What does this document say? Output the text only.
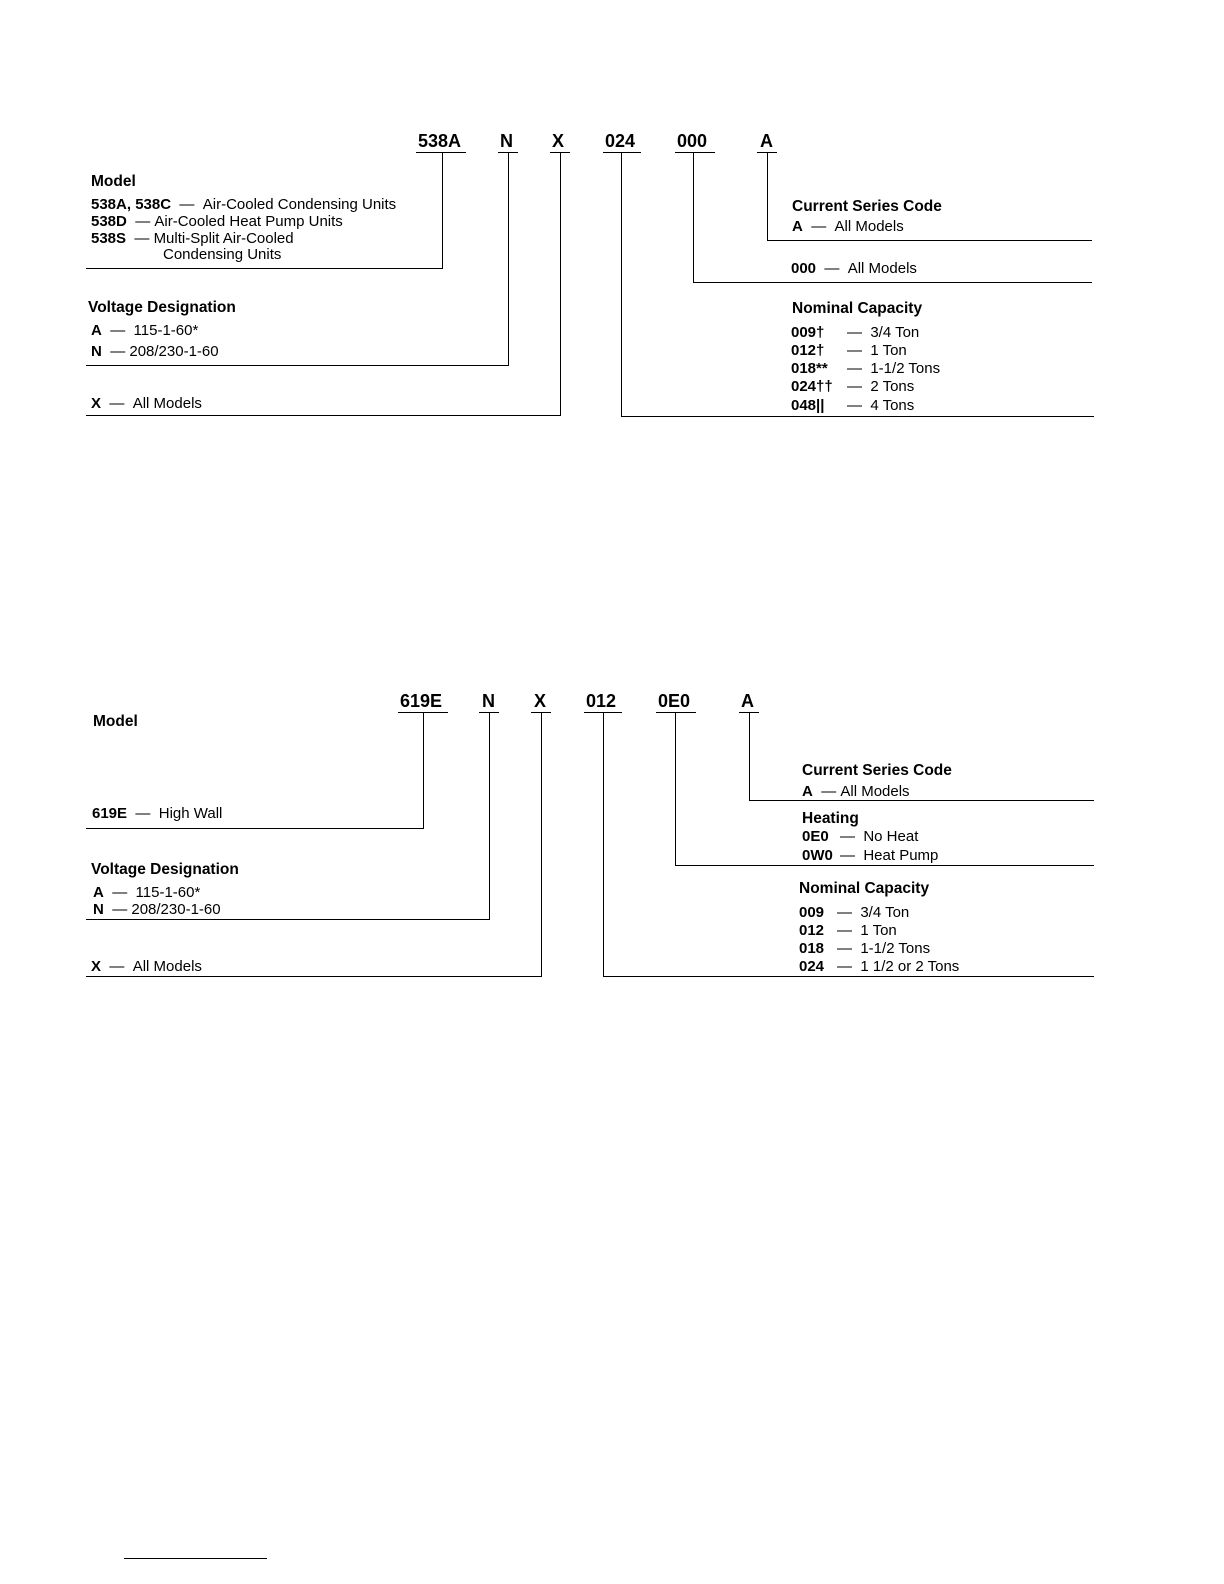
538A N X 024 000	A
Model
538A, 538C — Air-Cooled Condensing Units
538D — Air-Cooled Heat Pump Units
538S — Multi-Split Air-Cooled
Condensing Units
Voltage Designation
A — 115-1-60*
N — 208/230-1-60
X — All Models
Current Series Code
A — All Models
000 — All Models
Nominal Capacity
009† — 3/4 Ton
012† — 1 Ton
018** — 1-1/2 Tons
024†† — 2 Tons
048|| — 4 Tons
619E N X 012 0E0	A
Model
619E — High Wall
Voltage Designation
A — 115-1-60*
N — 208/230-1-60
X — All Models
Current Series Code
A — All Models
Heating
0E0 — No Heat
0W0 — Heat Pump
Nominal Capacity
009 — 3/4 Ton
012 — 1 Ton
018 — 1-1/2 Tons
024 — 1 1/2 or 2 Tons
